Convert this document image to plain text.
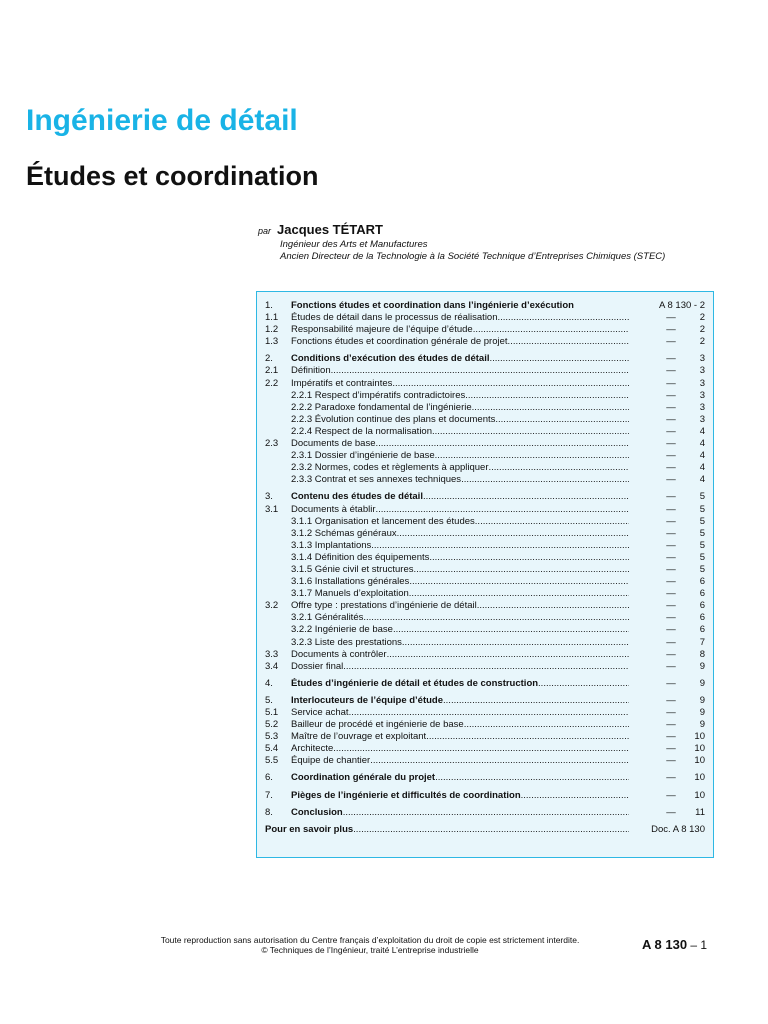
Ingénierie de détail
Études et coordination
par Jacques TÉTART
Ingénieur des Arts et Manufactures
Ancien Directeur de la Technologie à la Société Technique d’Entreprises Chimiques (STEC)
1.	Fonctions études et coordination dans l’ingénierie d’exécution	A 8 130 - 2
1.1	Études de détail dans le processus de réalisation .....	—	2
1.2	Responsabilité majeure de l’équipe d’étude .....	—	2
1.3	Fonctions études et coordination générale de projet .....	—	2
2.	Conditions d’exécution des études de détail .....	—	3
2.1	Définition .....	—	3
2.2	Impératifs et contraintes .....	—	3
2.2.1 Respect d’impératifs contradictoires .....	—	3
2.2.2 Paradoxe fondamental de l’ingénierie .....	—	3
2.2.3 Évolution continue des plans et documents .....	—	3
2.2.4 Respect de la normalisation .....	—	4
2.3	Documents de base .....	—	4
2.3.1 Dossier d’ingénierie de base .....	—	4
2.3.2 Normes, codes et règlements à appliquer .....	—	4
2.3.3 Contrat et ses annexes techniques .....	—	4
3.	Contenu des études de détail .....	—	5
3.1	Documents à établir .....	—	5
3.1.1 Organisation et lancement des études .....	—	5
3.1.2 Schémas généraux .....	—	5
3.1.3 Implantations .....	—	5
3.1.4 Définition des équipements .....	—	5
3.1.5 Génie civil et structures .....	—	5
3.1.6 Installations générales .....	—	6
3.1.7 Manuels d’exploitation .....	—	6
3.2	Offre type : prestations d’ingénierie de détail .....	—	6
3.2.1 Généralités .....	—	6
3.2.2 Ingénierie de base .....	—	6
3.2.3 Liste des prestations .....	—	7
3.3	Documents à contrôler .....	—	8
3.4	Dossier final .....	—	9
4.	Études d’ingénierie de détail et études de construction .....	—	9
5.	Interlocuteurs de l’équipe d’étude .....	—	9
5.1	Service achat .....	—	9
5.2	Bailleur de procédé et ingénierie de base .....	—	9
5.3	Maître de l’ouvrage et exploitant .....	—	10
5.4	Architecte .....	—	10
5.5	Équipe de chantier .....	—	10
6.	Coordination générale du projet .....	—	10
7.	Pièges de l’ingénierie et difficultés de coordination .....	—	10
8.	Conclusion .....	—	11
Pour en savoir plus .....	Doc. A 8 130
Toute reproduction sans autorisation du Centre français d’exploitation du droit de copie est strictement interdite.
© Techniques de l’Ingénieur, traité L’entreprise industrielle	A 8 130 – 1
